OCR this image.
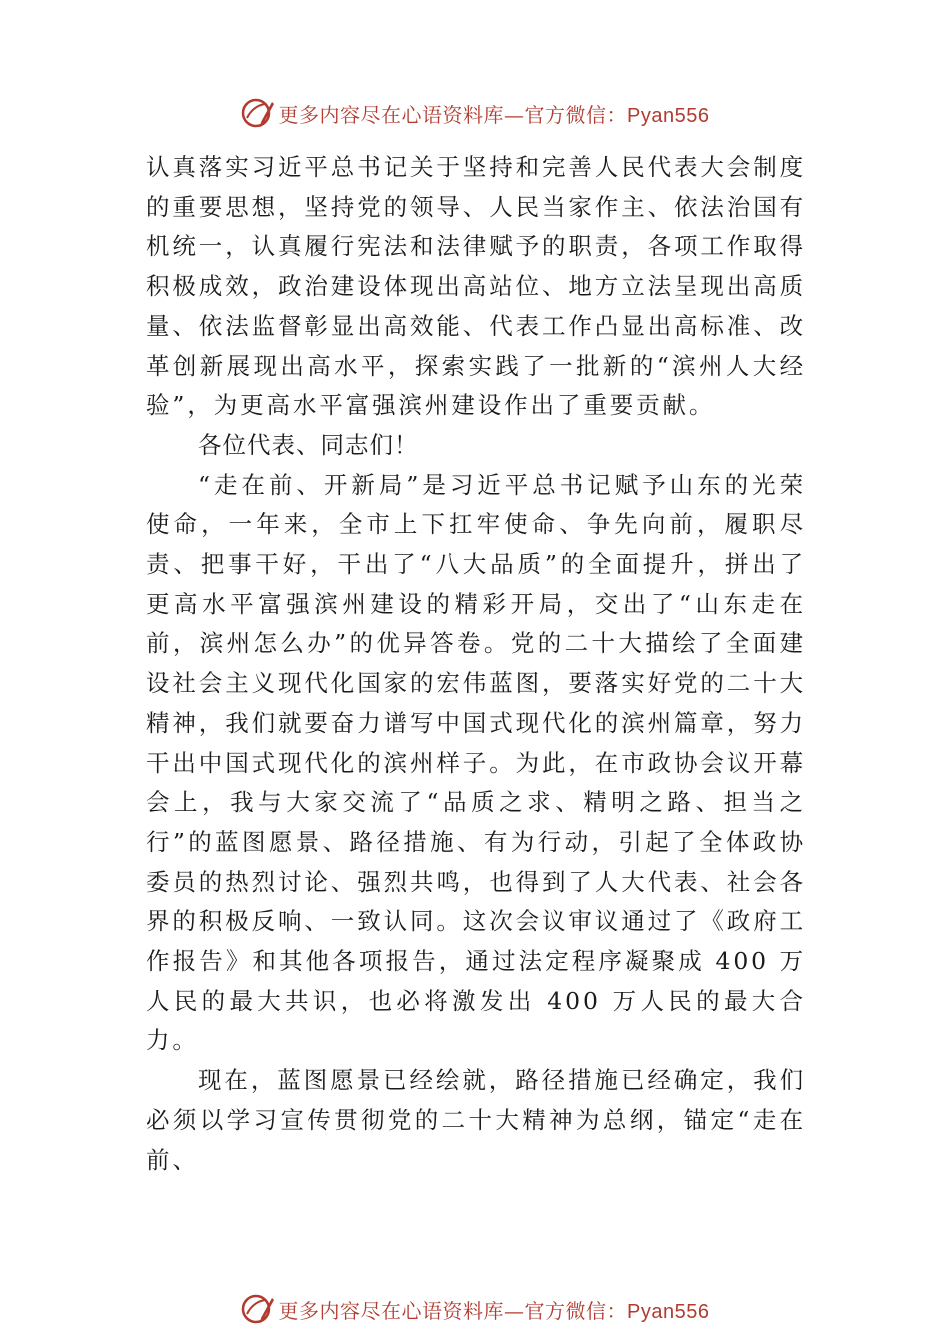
更多内容尽在心语资料库—官方微信：Pyan556

认真落实习近平总书记关于坚持和完善人民代表大会制度的重要思想，坚持党的领导、人民当家作主、依法治国有机统一，认真履行宪法和法律赋予的职责，各项工作取得积极成效，政治建设体现出高站位、地方立法呈现出高质量、依法监督彰显出高效能、代表工作凸显出高标准、改革创新展现出高水平，探索实践了一批新的“滨州人大经验”，为更高水平富强滨州建设作出了重要贡献。

各位代表、同志们！

“走在前、开新局”是习近平总书记赋予山东的光荣使命，一年来，全市上下扛牢使命、争先向前，履职尽责、把事干好，干出了“八大品质”的全面提升，拼出了更高水平富强滨州建设的精彩开局，交出了“山东走在前，滨州怎么办”的优异答卷。党的二十大描绘了全面建设社会主义现代化国家的宏伟蓝图，要落实好党的二十大精神，我们就要奋力谱写中国式现代化的滨州篇章，努力干出中国式现代化的滨州样子。为此，在市政协会议开幕会上，我与大家交流了“品质之求、精明之路、担当之行”的蓝图愿景、路径措施、有为行动，引起了全体政协委员的热烈讨论、强烈共鸣，也得到了人大代表、社会各界的积极反响、一致认同。这次会议审议通过了《政府工作报告》和其他各项报告，通过法定程序凝聚成 400 万人民的最大共识，也必将激发出 400 万人民的最大合力。

现在，蓝图愿景已经绘就，路径措施已经确定，我们必须以学习宣传贯彻党的二十大精神为总纲，锚定“走在前、

更多内容尽在心语资料库—官方微信：Pyan556
